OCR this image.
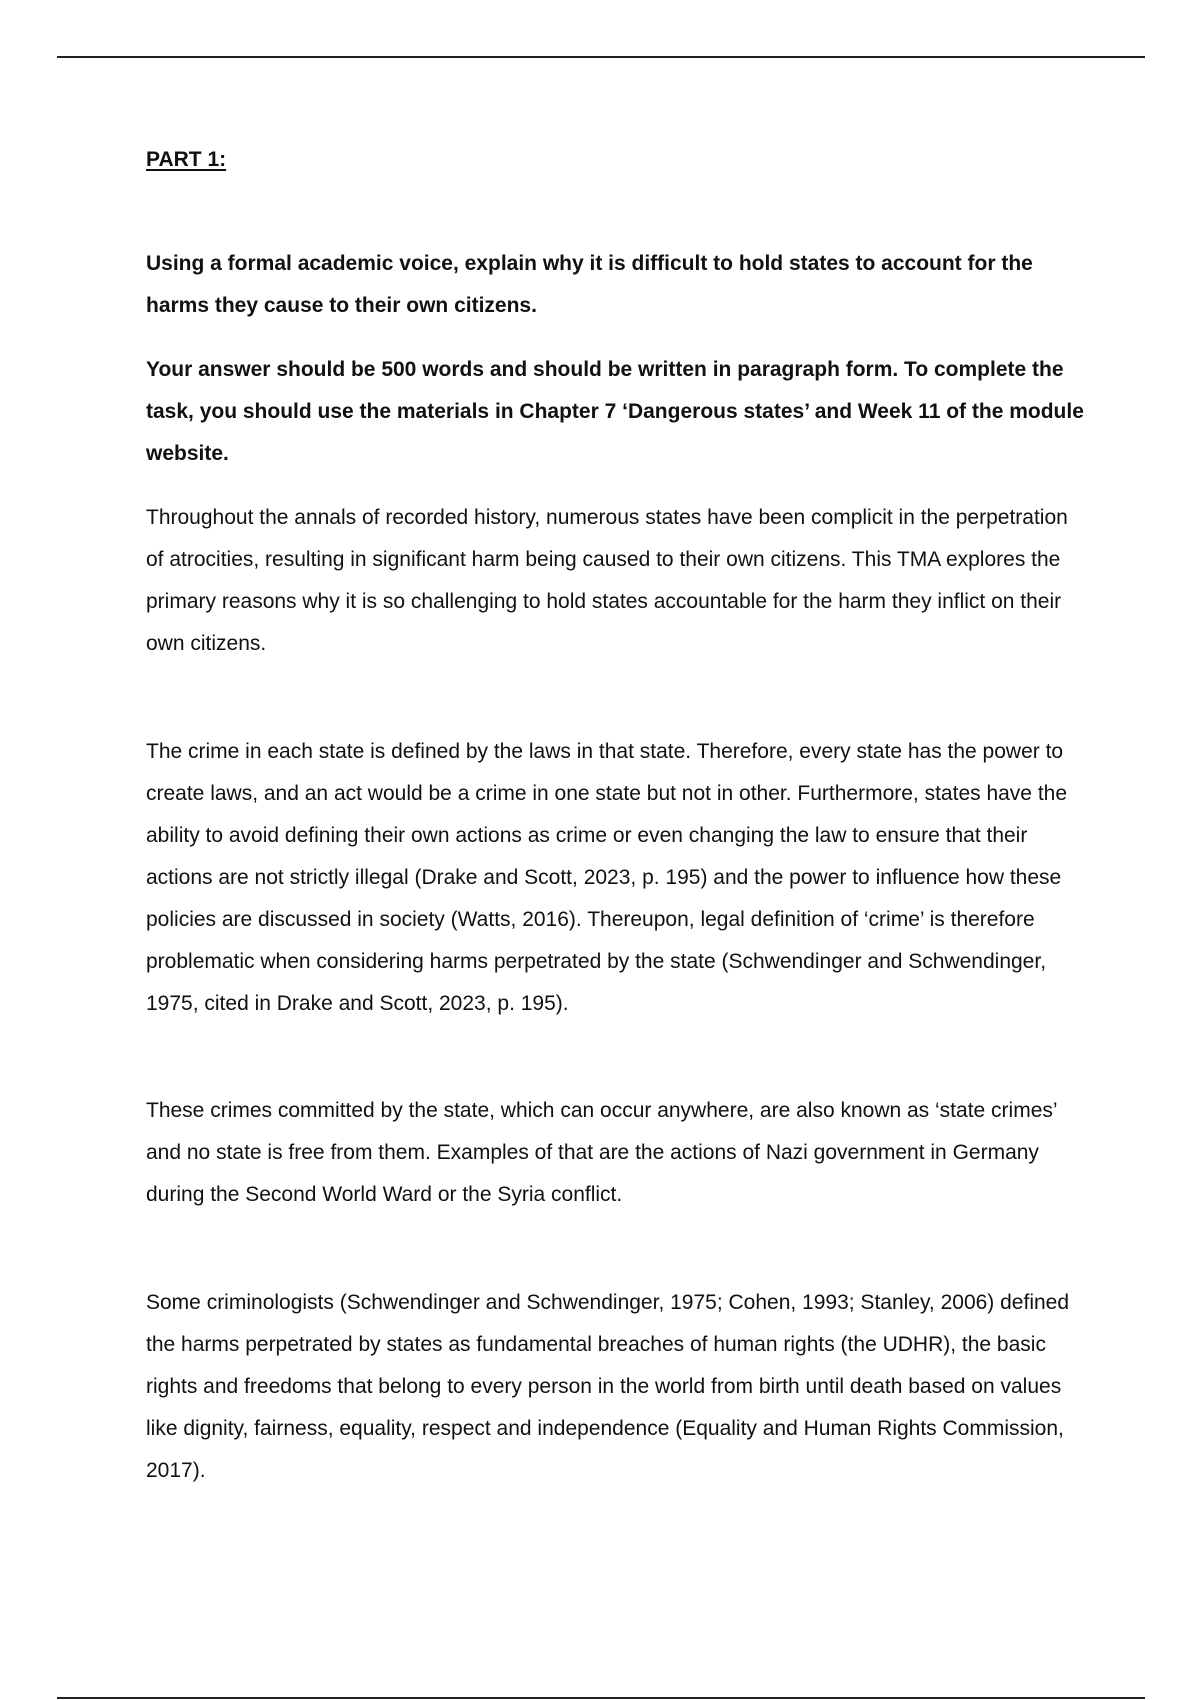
PART 1:

Using a formal academic voice, explain why it is difficult to hold states to account for the harms they cause to their own citizens.

Your answer should be 500 words and should be written in paragraph form. To complete the task, you should use the materials in Chapter 7 ‘Dangerous states’ and Week 11 of the module website.

Throughout the annals of recorded history, numerous states have been complicit in the perpetration of atrocities, resulting in significant harm being caused to their own citizens. This TMA explores the primary reasons why it is so challenging to hold states accountable for the harm they inflict on their own citizens.

The crime in each state is defined by the laws in that state. Therefore, every state has the power to create laws, and an act would be a crime in one state but not in other. Furthermore, states have the ability to avoid defining their own actions as crime or even changing the law to ensure that their actions are not strictly illegal (Drake and Scott, 2023, p. 195) and the power to influence how these policies are discussed in society (Watts, 2016). Thereupon, legal definition of ‘crime’ is therefore problematic when considering harms perpetrated by the state (Schwendinger and Schwendinger, 1975, cited in Drake and Scott, 2023, p. 195).

These crimes committed by the state, which can occur anywhere, are also known as ‘state crimes’ and no state is free from them. Examples of that are the actions of Nazi government in Germany during the Second World Ward or the Syria conflict.

Some criminologists (Schwendinger and Schwendinger, 1975; Cohen, 1993; Stanley, 2006) defined the harms perpetrated by states as fundamental breaches of human rights (the UDHR), the basic rights and freedoms that belong to every person in the world from birth until death based on values like dignity, fairness, equality, respect and independence (Equality and Human Rights Commission, 2017).
